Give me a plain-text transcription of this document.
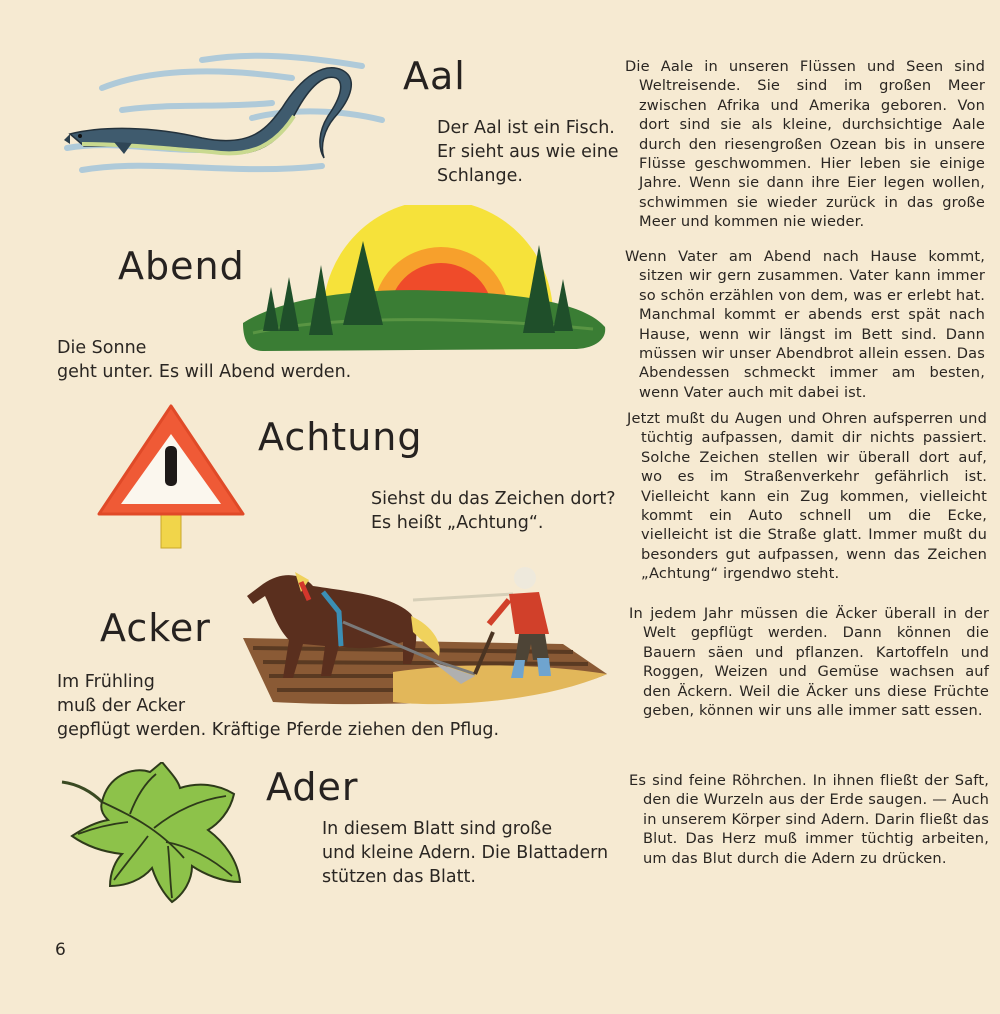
Aal
Der Aal ist ein Fisch.
Er sieht aus wie eine
Schlange.

Die Aale in unseren Flüssen und Seen sind Weltreisende. Sie sind im großen Meer zwischen Afrika und Amerika geboren. Von dort sind sie als kleine, durchsichtige Aale durch den riesengroßen Ozean bis in unsere Flüsse geschwommen. Hier leben sie einige Jahre. Wenn sie dann ihre Eier legen wollen, schwimmen sie wieder zurück in das große Meer und kommen nie wieder.

Abend
Die Sonne
geht unter. Es will Abend werden.

Wenn Vater am Abend nach Hause kommt, sitzen wir gern zusammen. Vater kann immer so schön erzählen von dem, was er erlebt hat. Manchmal kommt er abends erst spät nach Hause, wenn wir längst im Bett sind. Dann müssen wir unser Abendbrot allein essen. Das Abendessen schmeckt immer am besten, wenn Vater auch mit dabei ist.

Achtung
Siehst du das Zeichen dort?
Es heißt „Achtung“.

Jetzt mußt du Augen und Ohren aufsperren und tüchtig aufpassen, damit dir nichts passiert. Solche Zeichen stellen wir überall dort auf, wo es im Straßenverkehr gefährlich ist. Vielleicht kann ein Zug kommen, vielleicht kommt ein Auto schnell um die Ecke, vielleicht ist die Straße glatt. Immer mußt du besonders gut aufpassen, wenn das Zeichen „Achtung“ irgendwo steht.

Acker
Im Frühling
muß der Acker
gepflügt werden. Kräftige Pferde ziehen den Pflug.

In jedem Jahr müssen die Äcker überall in der Welt gepflügt werden. Dann können die Bauern säen und pflanzen. Kartoffeln und Roggen, Weizen und Gemüse wachsen auf den Äckern. Weil die Äcker uns diese Früchte geben, können wir uns alle immer satt essen.

Ader
In diesem Blatt sind große
und kleine Adern. Die Blattadern
stützen das Blatt.

Es sind feine Röhrchen. In ihnen fließt der Saft, den die Wurzeln aus der Erde saugen. — Auch in unserem Körper sind Adern. Darin fließt das Blut. Das Herz muß immer tüchtig arbeiten, um das Blut durch die Adern zu drücken.

6
